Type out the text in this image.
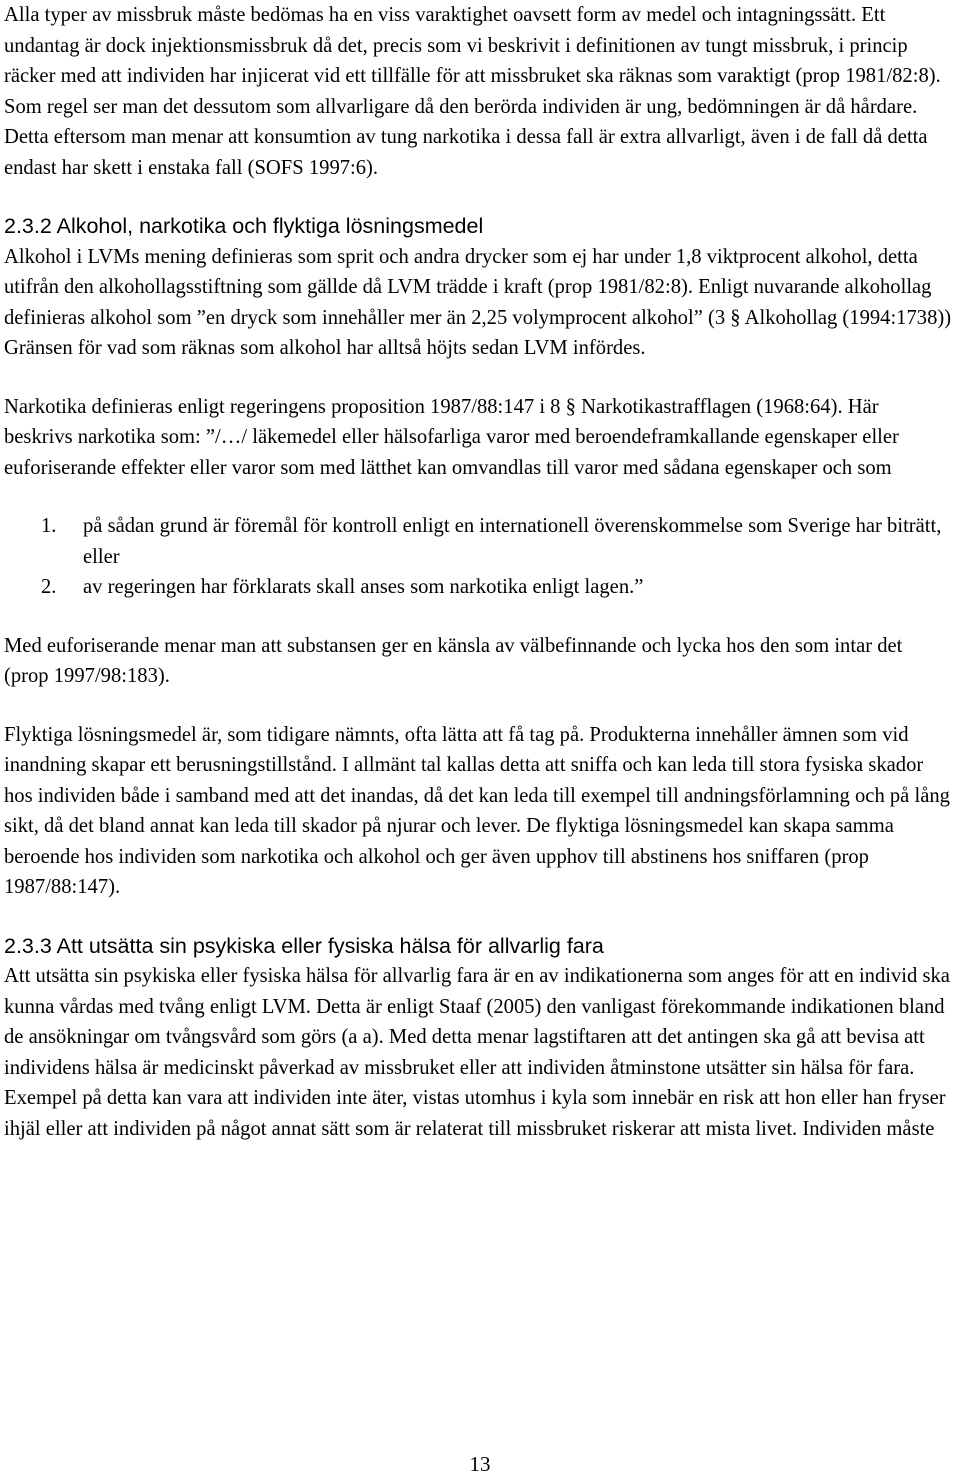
Alla typer av missbruk måste bedömas ha en viss varaktighet oavsett form av medel och intagningssätt. Ett undantag är dock injektionsmissbruk då det, precis som vi beskrivit i definitionen av tungt missbruk, i princip räcker med att individen har injicerat vid ett tillfälle för att missbruket ska räknas som varaktigt (prop 1981/82:8). Som regel ser man det dessutom som allvarligare då den berörda individen är ung, bedömningen är då hårdare. Detta eftersom man menar att konsumtion av tung narkotika i dessa fall är extra allvarligt, även i de fall då detta endast har skett i enstaka fall (SOFS 1997:6).

2.3.2 Alkohol, narkotika och flyktiga lösningsmedel

Alkohol i LVMs mening definieras som sprit och andra drycker som ej har under 1,8 viktprocent alkohol, detta utifrån den alkohollagsstiftning som gällde då LVM trädde i kraft (prop 1981/82:8). Enligt nuvarande alkohollag definieras alkohol som ”en dryck som innehåller mer än 2,25 volymprocent alkohol” (3 § Alkohollag (1994:1738)) Gränsen för vad som räknas som alkohol har alltså höjts sedan LVM infördes.

Narkotika definieras enligt regeringens proposition 1987/88:147 i 8 § Narkotikastrafflagen (1968:64). Här beskrivs narkotika som: ”/…/ läkemedel eller hälsofarliga varor med beroendeframkallande egenskaper eller euforiserande effekter eller varor som med lätthet kan omvandlas till varor med sådana egenskaper och som

1. på sådan grund är föremål för kontroll enligt en internationell överenskommelse som Sverige har biträtt, eller
2. av regeringen har förklarats skall anses som narkotika enligt lagen.”

Med euforiserande menar man att substansen ger en känsla av välbefinnande och lycka hos den som intar det (prop 1997/98:183).

Flyktiga lösningsmedel är, som tidigare nämnts, ofta lätta att få tag på. Produkterna innehåller ämnen som vid inandning skapar ett berusningstillstånd. I allmänt tal kallas detta att sniffa och kan leda till stora fysiska skador hos individen både i samband med att det inandas, då det kan leda till exempel till andningsförlamning och på lång sikt, då det bland annat kan leda till skador på njurar och lever. De flyktiga lösningsmedel kan skapa samma beroende hos individen som narkotika och alkohol och ger även upphov till abstinens hos sniffaren (prop 1987/88:147).

2.3.3 Att utsätta sin psykiska eller fysiska hälsa för allvarlig fara

Att utsätta sin psykiska eller fysiska hälsa för allvarlig fara är en av indikationerna som anges för att en individ ska kunna vårdas med tvång enligt LVM. Detta är enligt Staaf (2005) den vanligast förekommande indikationen bland de ansökningar om tvångsvård som görs (a a). Med detta menar lagstiftaren att det antingen ska gå att bevisa att individens hälsa är medicinskt påverkad av missbruket eller att individen åtminstone utsätter sin hälsa för fara. Exempel på detta kan vara att individen inte äter, vistas utomhus i kyla som innebär en risk att hon eller han fryser ihjäl eller att individen på något annat sätt som är relaterat till missbruket riskerar att mista livet. Individen måste

13
